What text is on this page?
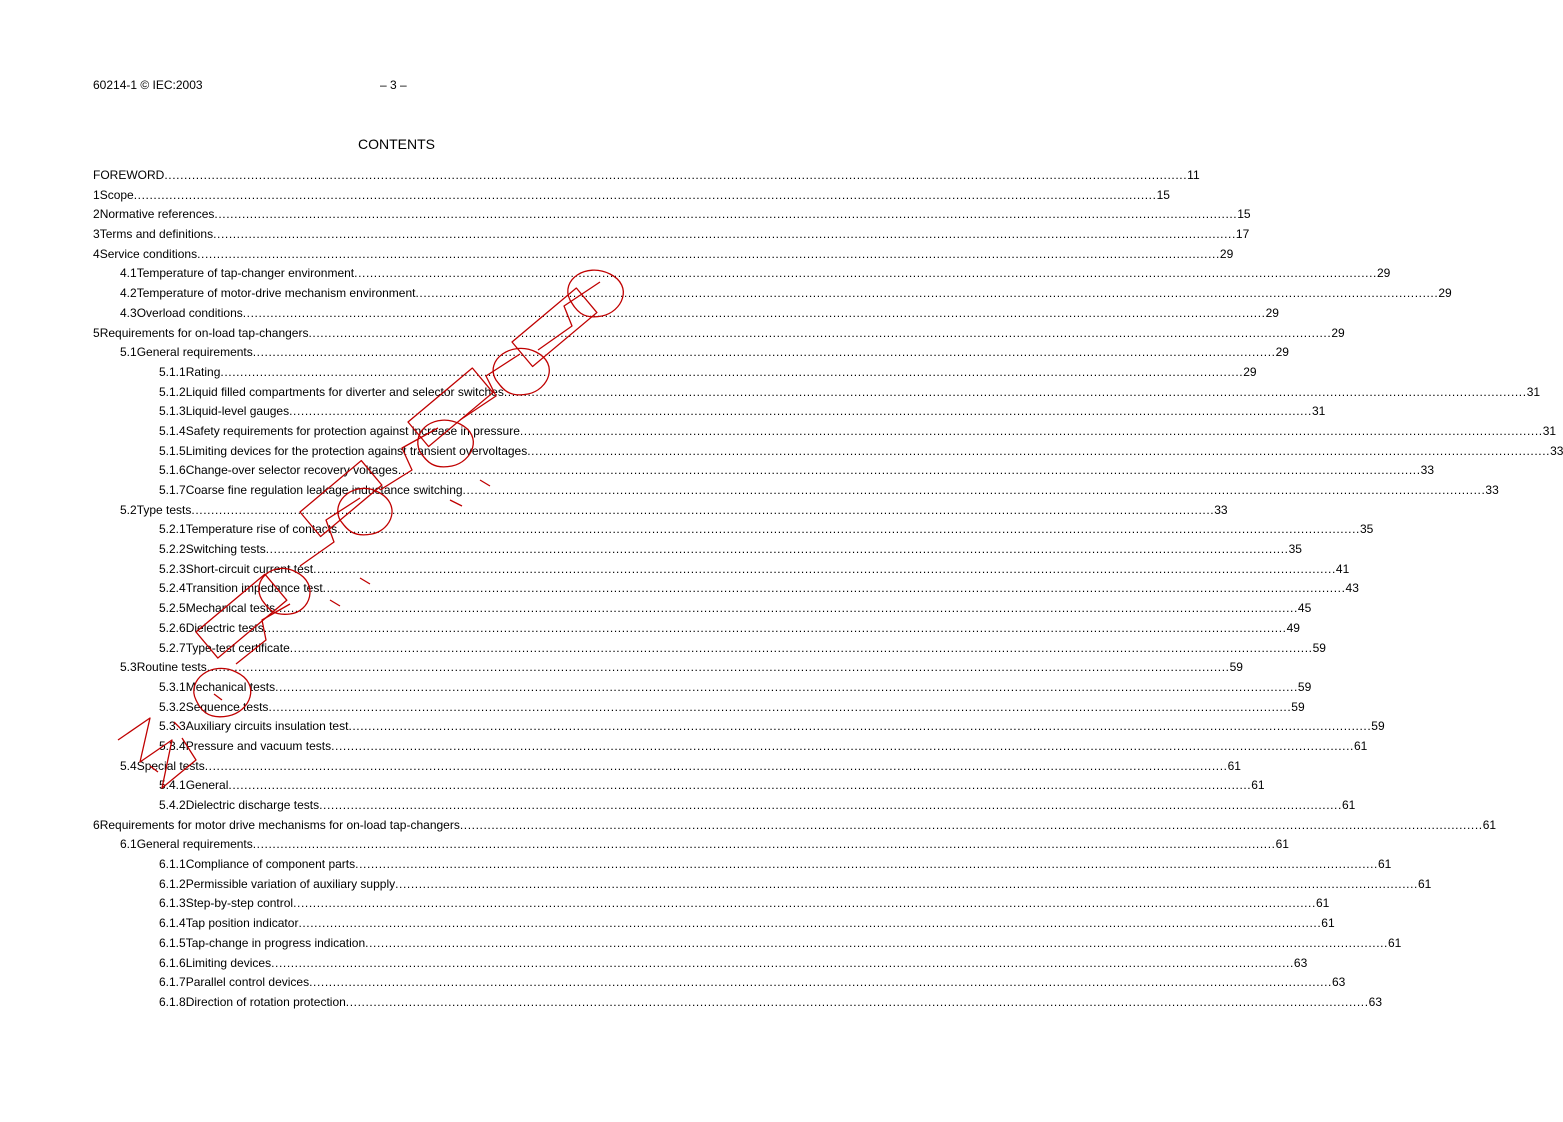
60214-1 © IEC:2003	– 3 –
CONTENTS
FOREWORD .................................................................................................................................................................................................................................................................... 11
1 Scope .................................................................................................................................................................................................................................................................... 15
2 Normative references .................................................................................................................................................................................................................................................................... 15
3 Terms and definitions .................................................................................................................................................................................................................................................................... 17
4 Service conditions .................................................................................................................................................................................................................................................................... 29
4.1 Temperature of tap-changer environment .................................................................................................................................................................................................................................................................... 29
4.2 Temperature of motor-drive mechanism environment .................................................................................................................................................................................................................................................................... 29
4.3 Overload conditions .................................................................................................................................................................................................................................................................... 29
5 Requirements for on-load tap-changers .................................................................................................................................................................................................................................................................... 29
5.1 General requirements .................................................................................................................................................................................................................................................................... 29
5.1.1 Rating .................................................................................................................................................................................................................................................................... 29
5.1.2 Liquid filled compartments for diverter and selector switches .................................................................................................................................................................................................................................................................... 31
5.1.3 Liquid-level gauges .................................................................................................................................................................................................................................................................... 31
5.1.4 Safety requirements for protection against increase in pressure .................................................................................................................................................................................................................................................................... 31
5.1.5 Limiting devices for the protection against transient overvoltages .................................................................................................................................................................................................................................................................... 33
5.1.6 Change-over selector recovery voltages .................................................................................................................................................................................................................................................................... 33
5.1.7 Coarse fine regulation leakage inductance switching .................................................................................................................................................................................................................................................................... 33
5.2 Type tests .................................................................................................................................................................................................................................................................... 33
5.2.1 Temperature rise of contacts .................................................................................................................................................................................................................................................................... 35
5.2.2 Switching tests .................................................................................................................................................................................................................................................................... 35
5.2.3 Short-circuit current test .................................................................................................................................................................................................................................................................... 41
5.2.4 Transition impedance test .................................................................................................................................................................................................................................................................... 43
5.2.5 Mechanical tests .................................................................................................................................................................................................................................................................... 45
5.2.6 Dielectric tests .................................................................................................................................................................................................................................................................... 49
5.2.7 Type-test certificate .................................................................................................................................................................................................................................................................... 59
5.3 Routine tests .................................................................................................................................................................................................................................................................... 59
5.3.1 Mechanical tests .................................................................................................................................................................................................................................................................... 59
5.3.2 Sequence tests .................................................................................................................................................................................................................................................................... 59
5.3.3 Auxiliary circuits insulation test .................................................................................................................................................................................................................................................................... 59
5.3.4 Pressure and vacuum tests .................................................................................................................................................................................................................................................................... 61
5.4 Special tests .................................................................................................................................................................................................................................................................... 61
5.4.1 General .................................................................................................................................................................................................................................................................... 61
5.4.2 Dielectric discharge tests .................................................................................................................................................................................................................................................................... 61
6 Requirements for motor drive mechanisms for on-load tap-changers .................................................................................................................................................................................................................................................................... 61
6.1 General requirements .................................................................................................................................................................................................................................................................... 61
6.1.1 Compliance of component parts .................................................................................................................................................................................................................................................................... 61
6.1.2 Permissible variation of auxiliary supply .................................................................................................................................................................................................................................................................... 61
6.1.3 Step-by-step control .................................................................................................................................................................................................................................................................... 61
6.1.4 Tap position indicator .................................................................................................................................................................................................................................................................... 61
6.1.5 Tap-change in progress indication .................................................................................................................................................................................................................................................................... 61
6.1.6 Limiting devices .................................................................................................................................................................................................................................................................... 63
6.1.7 Parallel control devices .................................................................................................................................................................................................................................................................... 63
6.1.8 Direction of rotation protection .................................................................................................................................................................................................................................................................... 63
